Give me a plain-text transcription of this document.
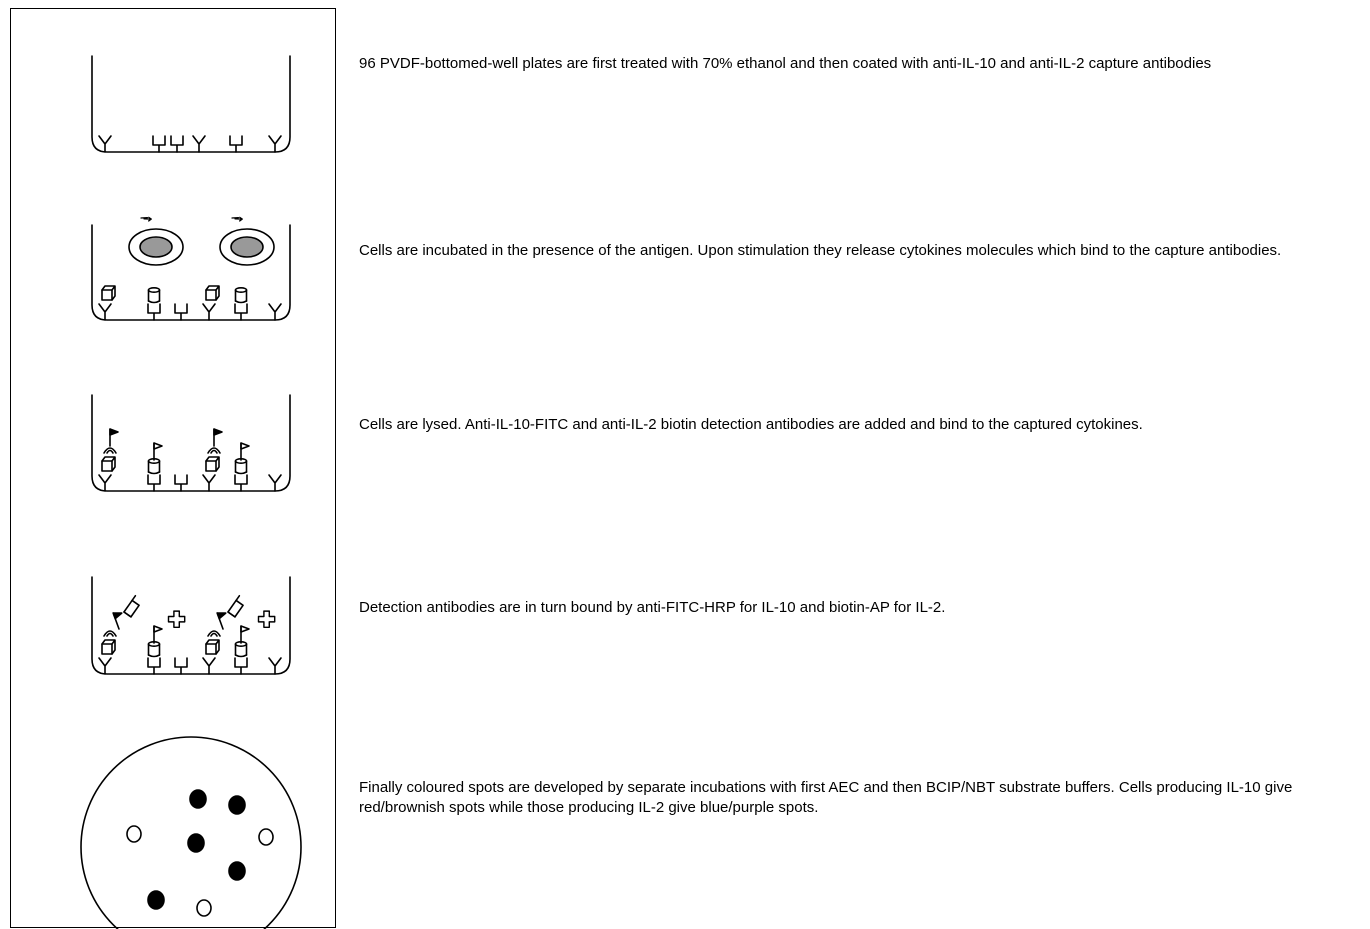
96 PVDF-bottomed-well plates are first treated with 70% ethanol and then coated with anti-IL-10 and anti-IL-2 capture antibodies

Cells are incubated in the presence of the antigen. Upon stimulation they release cytokines molecules which bind to the capture antibodies.

Cells are lysed. Anti-IL-10-FITC and anti-IL-2 biotin detection antibodies are added and bind to the captured cytokines.

Detection antibodies are in turn bound by anti-FITC-HRP for IL-10 and biotin-AP for IL-2.

Finally coloured spots are developed by separate incubations with first AEC and then BCIP/NBT substrate buffers. Cells producing IL-10 give red/brownish spots while those producing IL-2 give blue/purple spots.
